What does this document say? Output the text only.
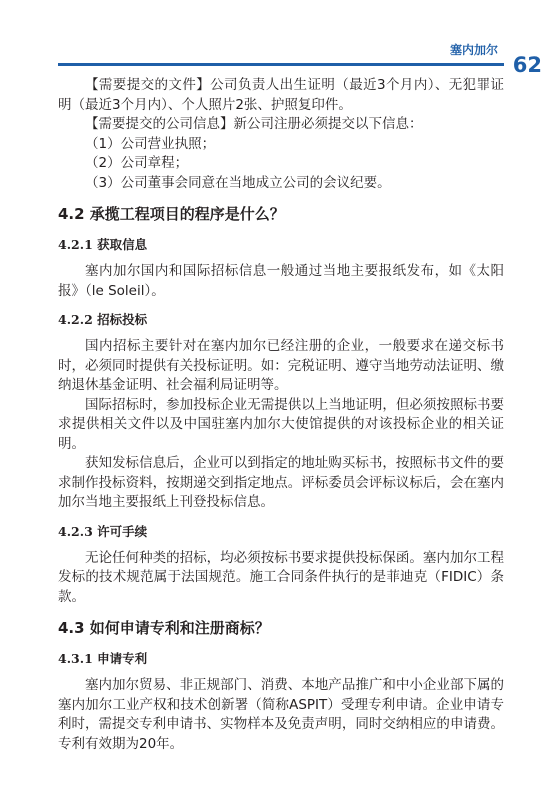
塞内加尔
62

【需要提交的文件】公司负责人出生证明（最近3个月内）、无犯罪证明（最近3个月内）、个人照片2张、护照复印件。

【需要提交的公司信息】新公司注册必须提交以下信息：

（1）公司营业执照；

（2）公司章程；

（3）公司董事会同意在当地成立公司的会议纪要。

4.2 承揽工程项目的程序是什么？
4.2.1 获取信息

塞内加尔国内和国际招标信息一般通过当地主要报纸发布，如《太阳报》（le Soleil）。

4.2.2 招标投标

国内招标主要针对在塞内加尔已经注册的企业，一般要求在递交标书时，必须同时提供有关投标证明。如：完税证明、遵守当地劳动法证明、缴纳退休基金证明、社会福利局证明等。

国际招标时，参加投标企业无需提供以上当地证明，但必须按照标书要求提供相关文件以及中国驻塞内加尔大使馆提供的对该投标企业的相关证明。

获知发标信息后，企业可以到指定的地址购买标书，按照标书文件的要求制作投标资料，按期递交到指定地点。评标委员会评标议标后，会在塞内加尔当地主要报纸上刊登投标信息。

4.2.3 许可手续

无论任何种类的招标，均必须按标书要求提供投标保函。塞内加尔工程发标的技术规范属于法国规范。施工合同条件执行的是菲迪克（FIDIC）条款。

4.3 如何申请专利和注册商标？
4.3.1 申请专利

塞内加尔贸易、非正规部门、消费、本地产品推广和中小企业部下属的塞内加尔工业产权和技术创新署（简称ASPIT）受理专利申请。企业申请专利时，需提交专利申请书、实物样本及免责声明，同时交纳相应的申请费。专利有效期为20年。
